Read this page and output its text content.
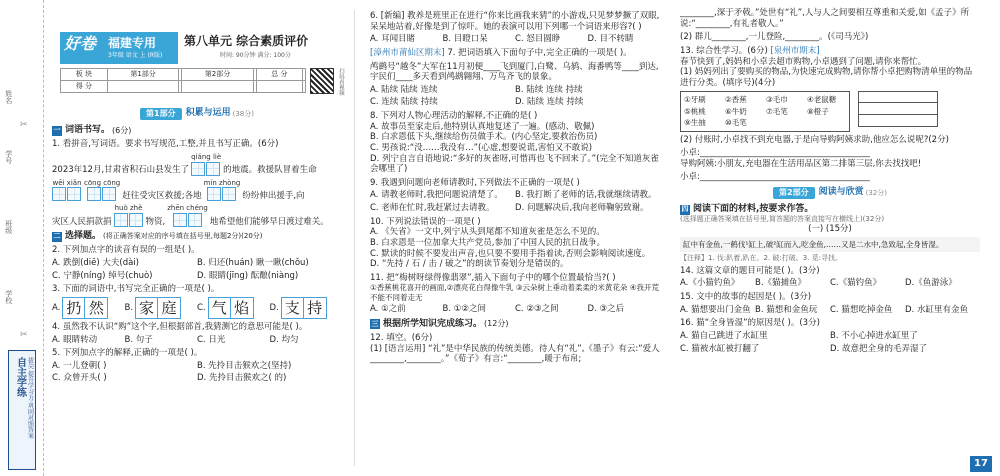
姓名
学号
班级
学校
✂
✂
自主学练 拔尖 提升学习力·巩固对照答案
好卷 福建专用
3年级 语文 上 (R版)
第八单元 综合素质评价
时间: 90分钟 满分: 100分
板 块	第1部分		第2部分		总 分	
得 分							扫码看视频
第1部分	积累与运用 (38分)
一 词语书写。 (6分)
1. 看拼音,写词语。要求书写规范,工整,并且书写正确。(6分)
2023年12月,甘肃省积石山县发生了
qiáng liè
的地震。救援队冒着生命
wēi xiǎn cōng cōng
赶往受灾区救援;各地
mín zhòng
纷纷伸出援手,向
灾区人民捐款捐
huò zhě
物资,
zhēn chéng
地希望他们能够早日渡过难关。
二 选择题。 (将正确答案对应的序号填在括号里,每题2分)(20分)
2. 下列加点字的读音有误的一组是( )。
A. 跌倒(diē) 大夫(dài)	B. 归还(huán) 瞅一瞅(chǒu)
C. 宁静(níng) 绰号(chuò)	D. 眼睛(jīng) 酝酿(niàng)
3. 下面的词语中,书写完全正确的一项是( )。
A. 扔 然	B. 家 庭	C. 气 焰	D. 支 持
4. 虽然我不认识“购”这个字,但根据部首,我猜测它的意思可能是( )。
A. 眼睛转动	B. 句子	C. 日光	D. 均匀
5. 下列加点字的解释,正确的一项是( )。
A. 一儿登朝( )	B. 先拎目击猴欢之(坚持)
C. 众曾开头( )	D. 先拎目击猴欢之( 的)
6. [新编] 教养是班里正在进行“你来比画我来猜”的小游戏,只见梦梦撅了双眼,呆呆地站着,好像是到了惊吓。她的表演可以用下列哪一个词语来形容?( )
A. 耳闻目睹	B. 目瞪口呆	C. 怒目圆睁	D. 目不转睛
[漳州市莆仙区期末] 7. 把词语填入下面句子中,完全正确的一项是( )。
鸬鹚号“越冬”大军在11月初便____飞到厦门,白鹭、乌鸫、海番鸭等____到达,宇民们____多天看到鸬鹚翱翔、万鸟齐飞的景象。
A. 陆续 陆续 连续	B. 陆续 连续 持续
C. 连续 陆续 持续	D. 陆续 连续 持续
8. 下列对人物心理活动的解释,不正确的是( )
A. 故事员至家走后,他特别认真地复述了一遍。(感动、敬佩)
B. 白求恩低下头,继续给伤员做手术。(内心坚定,要救治伤员)
C. 男孩说:“没……我没有…”(心虚,想要说谎,害怕又不敢说)
D. 列宁自言自语地说:“多好的灰雀呀,可惜再也飞不回来了。”(完全不知道灰雀会哪里了)
9. 我遇到问题向老师请教时,下列做法不正确的一项是( )
A. 请教老师时,我把问题说清楚了。	B. 我打断了老师的话,我就继续请教。
C. 老师在忙时,我赶紧过去请教。	D. 问题解决后,我向老师鞠躬致谢。
10. 下列说法错误的一项是( )
A. 《矢省》一文中,列宁从头到尾都不知道灰雀是怎么不见的。
B. 白求恩是一位加拿大共产党员,参加了中国人民的抗日战争。
C. 默读的时候不要发出声音,也只要不要用手指着读,否则会影响阅读速度。
D. “先持 / 石 / 击 / 破之”的朗读节奏划分是错误的。
11. 把“梅树呀绿得像翡翠”,插入下面句子中的哪个位置最恰当?( )
①香蕉桃花喜开的画面,②漂亮花白得像牛乳 ③云朵树上垂动着柔柔的米黄花朵 ④我开荒不能不同着走无
A. ①之前	B. ①②之间	C. ②③之间	D. ③之后
三 根据所学知识完成练习。 (12分)
12. 填空。(6分)
(1) [语言运用] “礼”是中华民族的传统美德。待人有“礼”,《墨子》有云:“爱人________,________。”《荀子》有言:“________,暖于布帛;
________,深于矛戟。”处世有“礼”,人与人之间要相互尊重和关爱,如《孟子》所说:“________,有礼者敬人。”
(2) 群儿________,一儿登险,________。(《司马光》)
13. 综合性学习。(6分) [泉州市期末]
春节快到了,妈妈和小卓去超市购物,小卓遇到了问题,请你来帮忙。
(1) 妈妈列出了要购买的物品,为快速完成购物,请你帮小卓把购物清单里的物品进行分类。(填序号)(4分)
①牙刷	②香蕉	③毛巾	④老鼠糖
⑤桃桃	⑥牛奶	⑦毛笔	⑧橙子
⑨生抽	⑩毛笔
(2) 付账时,小卓找不到充电器,于是向导购阿姨求助,他应怎么说呢?(2分)
小卓:________________________________________
导购阿姨:小朋友,充电器在生活用品区第二排第三层,你去找找吧!
小卓:________________________________________
第2部分	阅读与欣赏 (32分)
四 阅读下面的材料,按要求作答。
(选择题正确答案填在括号里,简答题的答案直接写在横线上)(32分)
(一) (15分)
缸中有金鱼,一鹤伐¹缸上,破²缸而入,吃金鱼,……又是二水中,急致起,全身皆湿。
【注释】1. 伐:趴着,趴在。2. 破:打破。3. 觅:寻找。
14. 这篇文章的题目可能是( )。(3分)
A.《小猫钓鱼》	B.《猫捕鱼》	C.《猫钓鱼》	D.《鱼游泳》
15. 文中的故事的起因是( )。(3分)
A. 猫想要出门金鱼 B. 猫想和金鱼玩	C. 猫想吃掉金鱼	D. 水缸里有金鱼
16. 猫“全身皆湿”的原因是( )。(3分)
A. 猫自己跳进了水缸里	B. 不小心掉进水缸里了
C. 猫被水缸被打翻了	D. 故意把全身的毛弄湿了
17
